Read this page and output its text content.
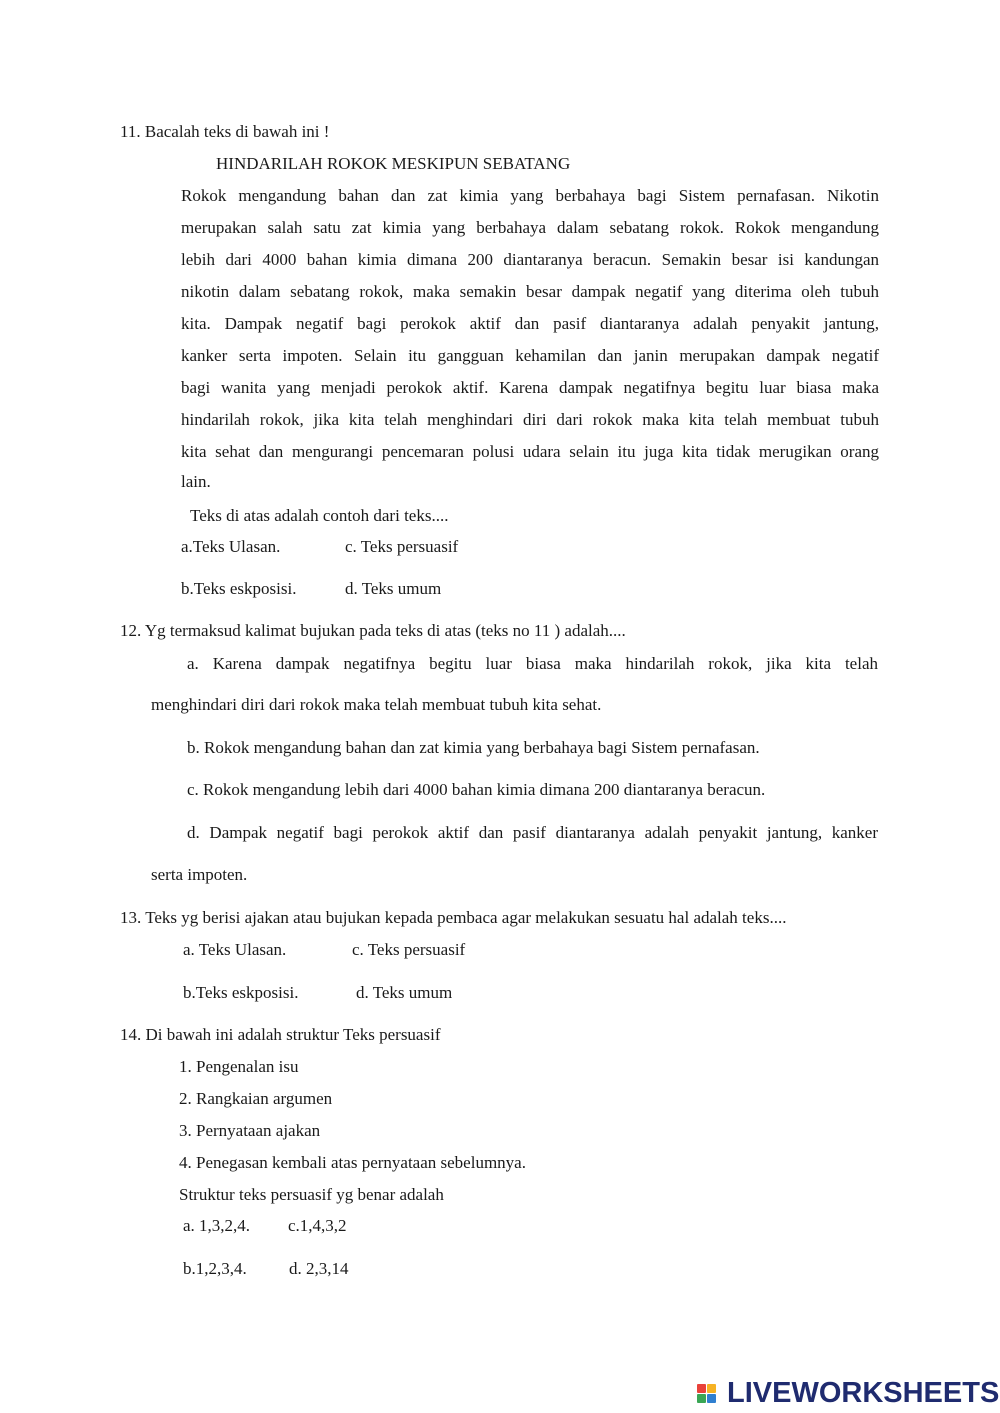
11. Bacalah teks di bawah ini !
HINDARILAH ROKOK MESKIPUN SEBATANG
Rokok mengandung bahan dan zat kimia yang berbahaya bagi Sistem pernafasan. Nikotin
merupakan salah satu zat kimia yang berbahaya dalam sebatang rokok. Rokok mengandung
lebih dari 4000 bahan kimia dimana 200 diantaranya beracun. Semakin besar isi kandungan
nikotin dalam sebatang rokok, maka semakin besar dampak negatif yang diterima oleh tubuh
kita. Dampak negatif bagi perokok aktif dan pasif diantaranya adalah penyakit jantung,
kanker serta impoten. Selain itu gangguan kehamilan dan janin merupakan dampak negatif
bagi wanita yang menjadi perokok aktif. Karena dampak negatifnya begitu luar biasa maka
hindarilah rokok, jika kita telah menghindari diri dari rokok maka kita telah membuat tubuh
kita sehat dan mengurangi pencemaran polusi udara selain itu juga kita tidak merugikan orang
lain.
Teks di atas adalah contoh dari teks....
a.Teks Ulasan.	c. Teks persuasif
b.Teks eskposisi.	d. Teks umum
12. Yg termaksud kalimat bujukan pada teks di atas (teks no 11 ) adalah....
a. Karena dampak negatifnya begitu luar biasa maka hindarilah rokok, jika kita telah
menghindari diri dari rokok maka telah membuat tubuh kita sehat.
b. Rokok mengandung bahan dan zat kimia yang berbahaya bagi Sistem pernafasan.
c. Rokok mengandung lebih dari 4000 bahan kimia dimana 200 diantaranya beracun.
d. Dampak negatif bagi perokok aktif dan pasif diantaranya adalah penyakit jantung, kanker
serta impoten.
13. Teks yg berisi ajakan atau bujukan kepada pembaca agar melakukan sesuatu hal adalah teks....
a. Teks Ulasan.	c. Teks persuasif
b.Teks eskposisi.	d. Teks umum
14. Di bawah ini adalah struktur Teks persuasif
1. Pengenalan isu
2. Rangkaian argumen
3. Pernyataan ajakan
4. Penegasan kembali atas pernyataan sebelumnya.
Struktur teks persuasif yg benar adalah
a. 1,3,2,4. c.1,4,3,2
b.1,2,3,4. d. 2,3,14
LIVEWORKSHEETS
